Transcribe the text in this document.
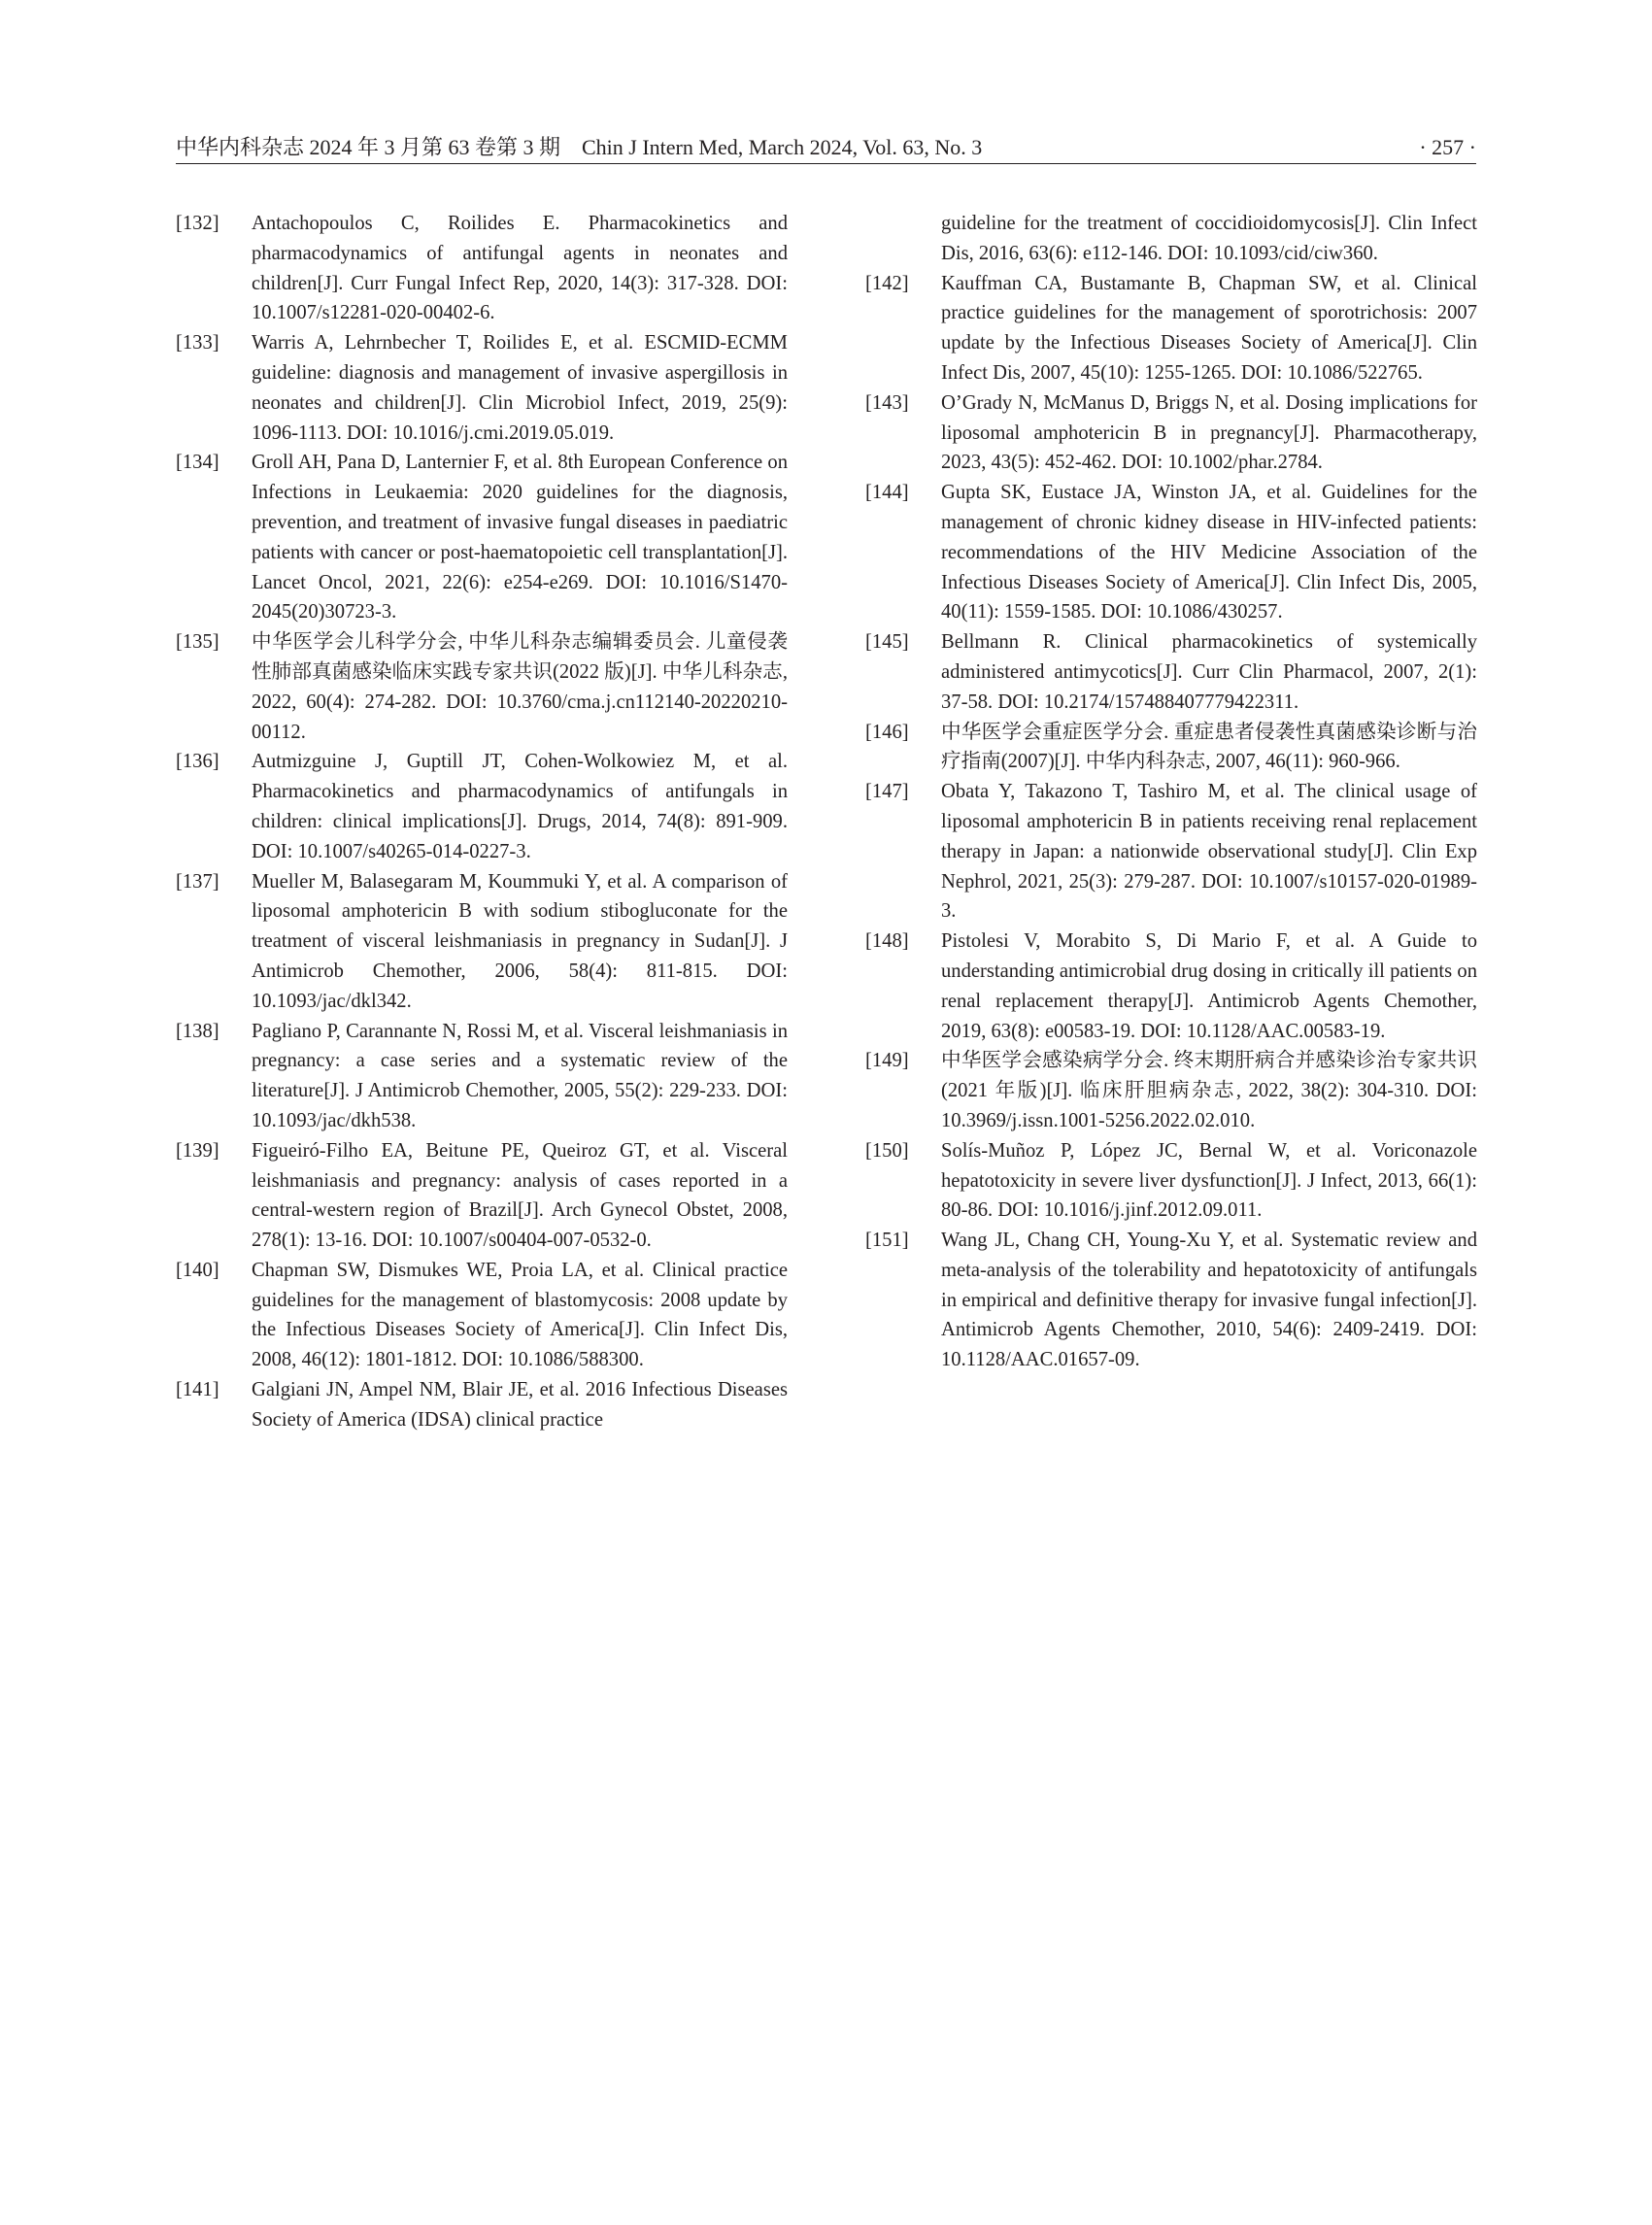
中华内科杂志 2024 年 3 月第 63 卷第 3 期　Chin J Intern Med, March 2024, Vol. 63, No. 3	· 257 ·
[132] Antachopoulos C, Roilides E. Pharmacokinetics and pharmacodynamics of antifungal agents in neonates and children[J]. Curr Fungal Infect Rep, 2020, 14(3): 317-328. DOI: 10.1007/s12281-020-00402-6.
[133] Warris A, Lehrnbecher T, Roilides E, et al. ESCMID-ECMM guideline: diagnosis and management of invasive aspergillosis in neonates and children[J]. Clin Microbiol Infect, 2019, 25(9): 1096-1113. DOI: 10.1016/j.cmi.2019.05.019.
[134] Groll AH, Pana D, Lanternier F, et al. 8th European Conference on Infections in Leukaemia: 2020 guidelines for the diagnosis, prevention, and treatment of invasive fungal diseases in paediatric patients with cancer or post-haematopoietic cell transplantation[J]. Lancet Oncol, 2021, 22(6): e254-e269. DOI: 10.1016/S1470-2045(20)30723-3.
[135] 中华医学会儿科学分会, 中华儿科杂志编辑委员会. 儿童侵袭性肺部真菌感染临床实践专家共识(2022 版)[J]. 中华儿科杂志, 2022, 60(4): 274-282. DOI: 10.3760/cma.j.cn112140-20220210-00112.
[136] Autmizguine J, Guptill JT, Cohen-Wolkowiez M, et al. Pharmacokinetics and pharmacodynamics of antifungals in children: clinical implications[J]. Drugs, 2014, 74(8): 891-909. DOI: 10.1007/s40265-014-0227-3.
[137] Mueller M, Balasegaram M, Koummuki Y, et al. A comparison of liposomal amphotericin B with sodium stibogluconate for the treatment of visceral leishmaniasis in pregnancy in Sudan[J]. J Antimicrob Chemother, 2006, 58(4): 811-815. DOI: 10.1093/jac/dkl342.
[138] Pagliano P, Carannante N, Rossi M, et al. Visceral leishmaniasis in pregnancy: a case series and a systematic review of the literature[J]. J Antimicrob Chemother, 2005, 55(2): 229-233. DOI: 10.1093/jac/dkh538.
[139] Figueiró-Filho EA, Beitune PE, Queiroz GT, et al. Visceral leishmaniasis and pregnancy: analysis of cases reported in a central-western region of Brazil[J]. Arch Gynecol Obstet, 2008, 278(1): 13-16. DOI: 10.1007/s00404-007-0532-0.
[140] Chapman SW, Dismukes WE, Proia LA, et al. Clinical practice guidelines for the management of blastomycosis: 2008 update by the Infectious Diseases Society of America[J]. Clin Infect Dis, 2008, 46(12): 1801-1812. DOI: 10.1086/588300.
[141] Galgiani JN, Ampel NM, Blair JE, et al. 2016 Infectious Diseases Society of America (IDSA) clinical practice
guideline for the treatment of coccidioidomycosis[J]. Clin Infect Dis, 2016, 63(6): e112-146. DOI: 10.1093/cid/ciw360.
[142] Kauffman CA, Bustamante B, Chapman SW, et al. Clinical practice guidelines for the management of sporotrichosis: 2007 update by the Infectious Diseases Society of America[J]. Clin Infect Dis, 2007, 45(10): 1255-1265. DOI: 10.1086/522765.
[143] O’Grady N, McManus D, Briggs N, et al. Dosing implications for liposomal amphotericin B in pregnancy[J]. Pharmacotherapy, 2023, 43(5): 452-462. DOI: 10.1002/phar.2784.
[144] Gupta SK, Eustace JA, Winston JA, et al. Guidelines for the management of chronic kidney disease in HIV-infected patients: recommendations of the HIV Medicine Association of the Infectious Diseases Society of America[J]. Clin Infect Dis, 2005, 40(11): 1559-1585. DOI: 10.1086/430257.
[145] Bellmann R. Clinical pharmacokinetics of systemically administered antimycotics[J]. Curr Clin Pharmacol, 2007, 2(1): 37-58. DOI: 10.2174/157488407779422311.
[146] 中华医学会重症医学分会. 重症患者侵袭性真菌感染诊断与治疗指南(2007)[J]. 中华内科杂志, 2007, 46(11): 960-966.
[147] Obata Y, Takazono T, Tashiro M, et al. The clinical usage of liposomal amphotericin B in patients receiving renal replacement therapy in Japan: a nationwide observational study[J]. Clin Exp Nephrol, 2021, 25(3): 279-287. DOI: 10.1007/s10157-020-01989-3.
[148] Pistolesi V, Morabito S, Di Mario F, et al. A Guide to understanding antimicrobial drug dosing in critically ill patients on renal replacement therapy[J]. Antimicrob Agents Chemother, 2019, 63(8): e00583-19. DOI: 10.1128/AAC.00583-19.
[149] 中华医学会感染病学分会. 终末期肝病合并感染诊治专家共识(2021 年版)[J]. 临床肝胆病杂志, 2022, 38(2): 304-310. DOI: 10.3969/j.issn.1001-5256.2022.02.010.
[150] Solís-Muñoz P, López JC, Bernal W, et al. Voriconazole hepatotoxicity in severe liver dysfunction[J]. J Infect, 2013, 66(1): 80-86. DOI: 10.1016/j.jinf.2012.09.011.
[151] Wang JL, Chang CH, Young-Xu Y, et al. Systematic review and meta-analysis of the tolerability and hepatotoxicity of antifungals in empirical and definitive therapy for invasive fungal infection[J]. Antimicrob Agents Chemother, 2010, 54(6): 2409-2419. DOI: 10.1128/AAC.01657-09.
